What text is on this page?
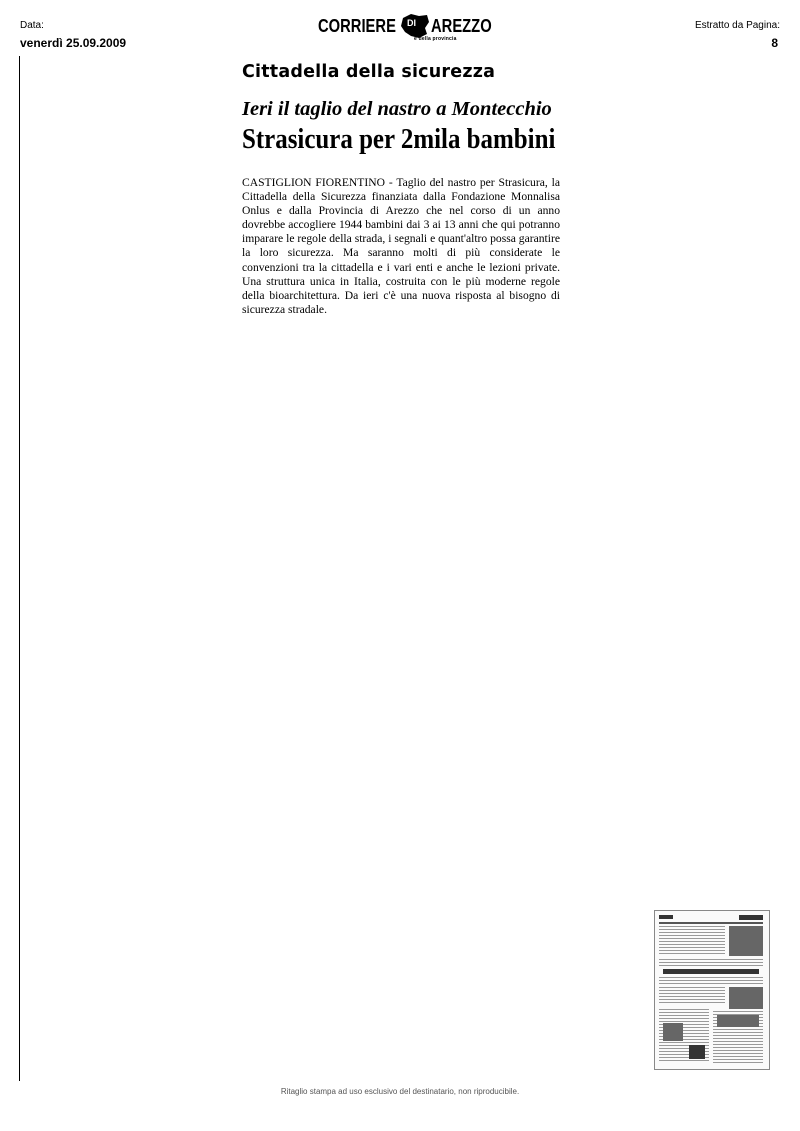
Data:
venerdì 25.09.2009
CORRIERE DI AREZZO
e della provincia
Estratto da Pagina:
8
Cittadella della sicurezza
Ieri il taglio del nastro a Montecchio
Strasicura per 2mila bambini

CASTIGLION FIORENTINO - Taglio del nastro per Strasicura, la Cittadella della Sicurezza finanziata dalla Fondazione Monnalisa Onlus e dalla Provincia di Arezzo che nel corso di un anno dovrebbe accogliere 1944 bambini dai 3 ai 13 anni che qui potranno imparare le regole della strada, i segnali e quant'altro possa garantire la loro sicurezza. Ma saranno molti di più considerate le convenzioni tra la cittadella e i vari enti e anche le lezioni private. Una struttura unica in Italia, costruita con le più moderne regole della bioarchitettura. Da ieri c'è una nuova risposta al bisogno di sicurezza stradale.

Ritaglio stampa ad uso esclusivo del destinatario, non riproducibile.
